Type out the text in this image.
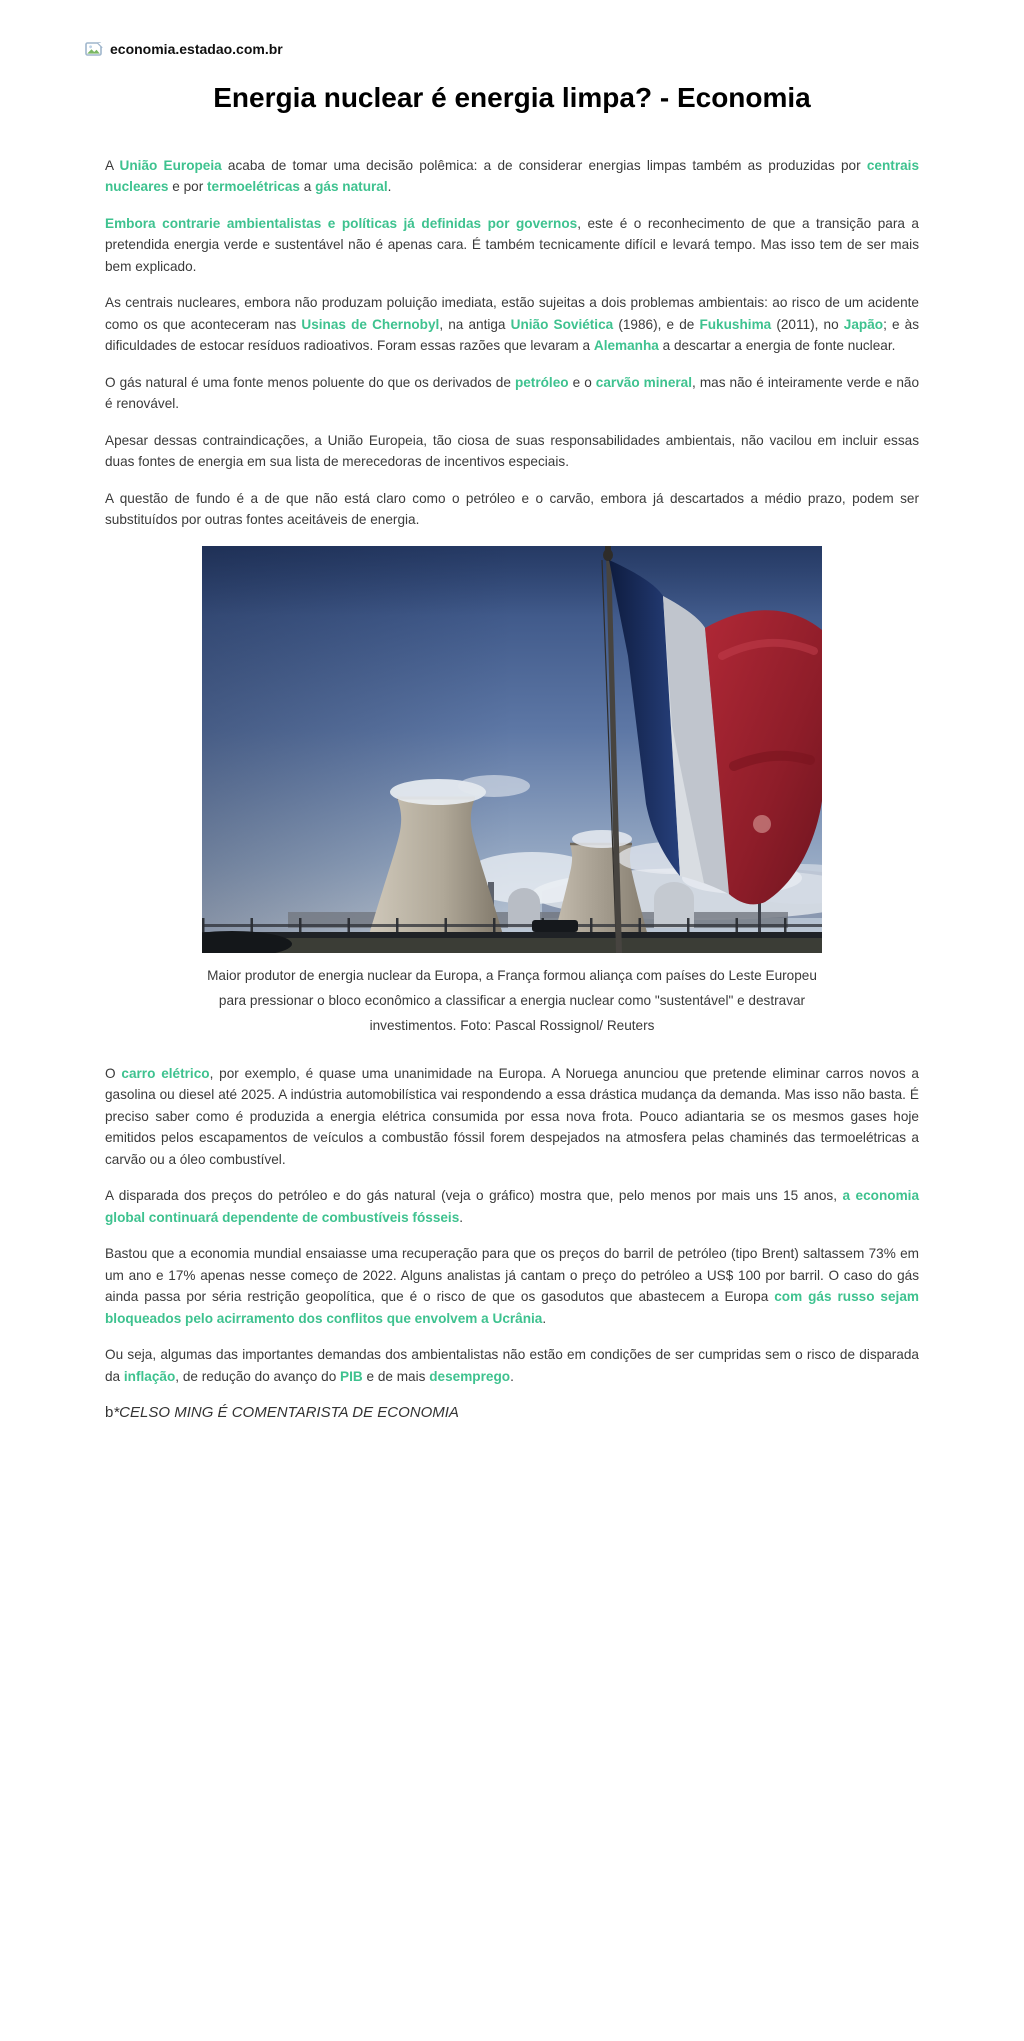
economia.estadao.com.br
Energia nuclear é energia limpa? - Economia

A União Europeia acaba de tomar uma decisão polêmica: a de considerar energias limpas também as produzidas por centrais nucleares e por termoelétricas a gás natural.

Embora contrarie ambientalistas e políticas já definidas por governos, este é o reconhecimento de que a transição para a pretendida energia verde e sustentável não é apenas cara. É também tecnicamente difícil e levará tempo. Mas isso tem de ser mais bem explicado.

As centrais nucleares, embora não produzam poluição imediata, estão sujeitas a dois problemas ambientais: ao risco de um acidente como os que aconteceram nas Usinas de Chernobyl, na antiga União Soviética (1986), e de Fukushima (2011), no Japão; e às dificuldades de estocar resíduos radioativos. Foram essas razões que levaram a Alemanha a descartar a energia de fonte nuclear.

O gás natural é uma fonte menos poluente do que os derivados de petróleo e o carvão mineral, mas não é inteiramente verde e não é renovável.

Apesar dessas contraindicações, a União Europeia, tão ciosa de suas responsabilidades ambientais, não vacilou em incluir essas duas fontes de energia em sua lista de merecedoras de incentivos especiais.

A questão de fundo é a de que não está claro como o petróleo e o carvão, embora já descartados a médio prazo, podem ser substituídos por outras fontes aceitáveis de energia.

Maior produtor de energia nuclear da Europa, a França formou aliança com países do Leste Europeu
para pressionar o bloco econômico a classificar a energia nuclear como "sustentável" e destravar
investimentos. Foto: Pascal Rossignol/ Reuters

O carro elétrico, por exemplo, é quase uma unanimidade na Europa. A Noruega anunciou que pretende eliminar carros novos a gasolina ou diesel até 2025. A indústria automobilística vai respondendo a essa drástica mudança da demanda. Mas isso não basta. É preciso saber como é produzida a energia elétrica consumida por essa nova frota. Pouco adiantaria se os mesmos gases hoje emitidos pelos escapamentos de veículos a combustão fóssil forem despejados na atmosfera pelas chaminés das termoelétricas a carvão ou a óleo combustível.

A disparada dos preços do petróleo e do gás natural (veja o gráfico) mostra que, pelo menos por mais uns 15 anos, a economia global continuará dependente de combustíveis fósseis.

Bastou que a economia mundial ensaiasse uma recuperação para que os preços do barril de petróleo (tipo Brent) saltassem 73% em um ano e 17% apenas nesse começo de 2022. Alguns analistas já cantam o preço do petróleo a US$ 100 por barril. O caso do gás ainda passa por séria restrição geopolítica, que é o risco de que os gasodutos que abastecem a Europa com gás russo sejam bloqueados pelo acirramento dos conflitos que envolvem a Ucrânia.

Ou seja, algumas das importantes demandas dos ambientalistas não estão em condições de ser cumpridas sem o risco de disparada da inflação, de redução do avanço do PIB e de mais desemprego.

b*CELSO MING É COMENTARISTA DE ECONOMIA
